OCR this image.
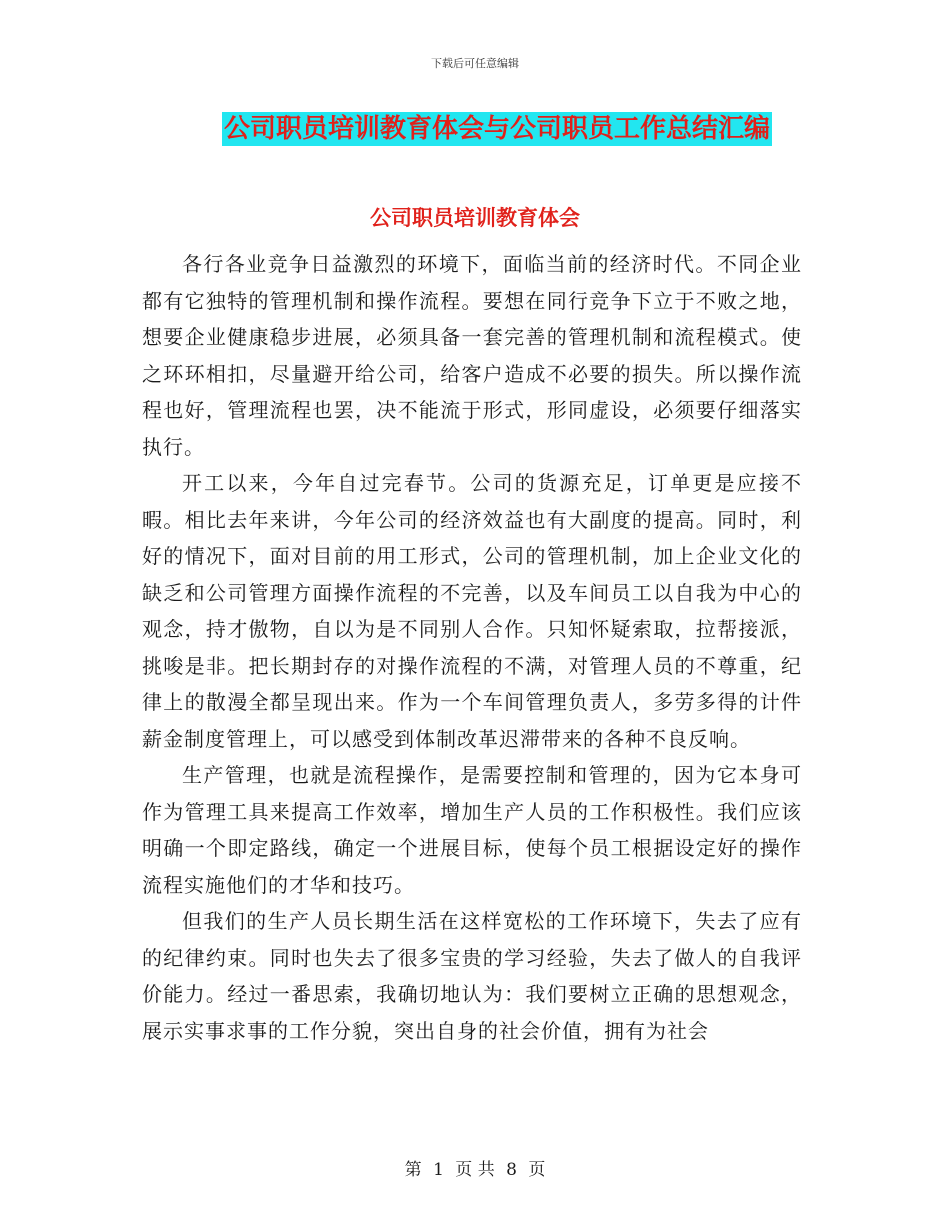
下载后可任意编辑
公司职员培训教育体会与公司职员工作总结汇编
公司职员培训教育体会

各行各业竞争日益激烈的环境下，面临当前的经济时代。不同企业都有它独特的管理机制和操作流程。要想在同行竞争下立于不败之地，想要企业健康稳步进展，必须具备一套完善的管理机制和流程模式。使之环环相扣，尽量避开给公司，给客户造成不必要的损失。所以操作流程也好，管理流程也罢，决不能流于形式，形同虚设，必须要仔细落实执行。

开工以来，今年自过完春节。公司的货源充足，订单更是应接不暇。相比去年来讲，今年公司的经济效益也有大副度的提高。同时，利好的情况下，面对目前的用工形式，公司的管理机制，加上企业文化的缺乏和公司管理方面操作流程的不完善，以及车间员工以自我为中心的观念，持才傲物，自以为是不同别人合作。只知怀疑索取，拉帮接派，挑唆是非。把长期封存的对操作流程的不满，对管理人员的不尊重，纪律上的散漫全都呈现出来。作为一个车间管理负责人，多劳多得的计件薪金制度管理上，可以感受到体制改革迟滞带来的各种不良反响。

生产管理，也就是流程操作，是需要控制和管理的，因为它本身可作为管理工具来提高工作效率，增加生产人员的工作积极性。我们应该明确一个即定路线，确定一个进展目标，使每个员工根据设定好的操作流程实施他们的才华和技巧。

但我们的生产人员长期生活在这样宽松的工作环境下，失去了应有的纪律约束。同时也失去了很多宝贵的学习经验，失去了做人的自我评价能力。经过一番思索，我确切地认为：我们要树立正确的思想观念，展示实事求事的工作分貌，突出自身的社会价值，拥有为社会

第 1 页 共 8 页
